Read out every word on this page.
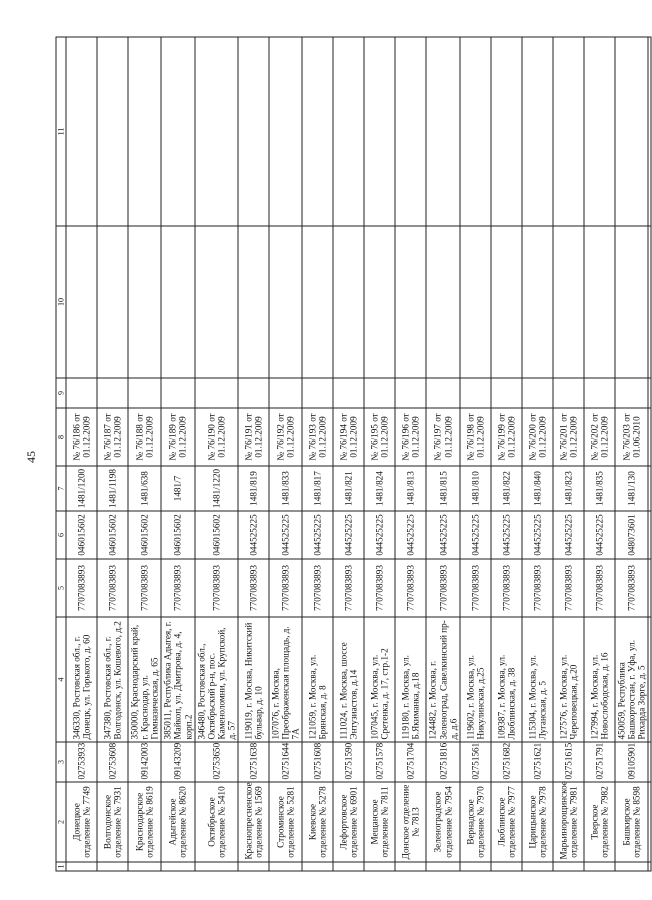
45
1	2	3	4	5	6	7	8	9	10	11
	Донецкое отделение № 7749	02753933	346330, Ростовская обл., г. Донецк, ул. Горького, д. 60	7707083893	046015602	1481/1200	№ 76/186 от 01.12.2009			
	Волгодонское отделение № 7931	02753608	347380, Ростовская обл., г. Волгодонск, ул. Кошевого, д.2	7707083893	046015602	1481/1198	№ 76/187 от 01.12.2009			
	Краснодарское отделение № 8619	09142003	350000, Краснодарский край, г. Краснодар, ул. Гимназическая, д. 65	7707083893	046015602	1481/638	№ 76/188 от 01.12.2009			
	Адыгейское отделение № 8620	09143209	385011, Республика Адыгея, г. Майкоп, ул. Дмитрова, д. 4, корп.2	7707083893	046015602	1481/7	№ 76/189 от 01.12.2009			
	Октябрьское отделение № 5410	02753650	346480, Ростовская обл., Октябрьский р-н, пос. Каменоломни, ул. Крупской, д. 57	7707083893	046015602	1481/1220	№ 76/190 от 01.12.2009			
	Краснопресненское отделение № 1569	02751638	119019, г. Москва, Никитский бульвар, д. 10	7707083893	044525225	1481/819	№ 76/191 от 01.12.2009			
	Строминское отделение № 5281	02751644	107076, г. Москва, Преображенская площадь, д. 7А	7707083893	044525225	1481/833	№ 76/192 от 01.12.2009			
	Киевское отделение № 5278	02751608	121059, г. Москва, ул. Брянская, д. 8	7707083893	044525225	1481/817	№ 76/193 от 01.12.2009			
	Лефортовское отделение № 6901	02751590	111024, г. Москва, шоссе Энтузиастов, д.14	7707083893	044525225	1481/821	№ 76/194 от 01.12.2009			
	Мещанское отделение № 7811	02751578	107045, г. Москва, ул. Сретенка, д. 17, стр.1-2	7707083893	044525225	1481/824	№ 76/195 от 01.12.2009			
	Донское отделение № 7813	02751704	119180, г. Москва, ул. Б.Якиманка, д.18	7707083893	044525225	1481/813	№ 76/196 от 01.12.2009			
	Зеленоградское отделение № 7954	02751816	124482, г. Москва, г. Зеленоград, Савелкинский пр-д, д.6	7707083893	044525225	1481/815	№ 76/197 от 01.12.2009			
	Вернадское отделение № 7970	02751561	119602, г. Москва, ул. Никулинская, д.25	7707083893	044525225	1481/810	№ 76/198 от 01.12.2009			
	Люблинское отделение № 7977	02751682	109387, г. Москва, ул. Люблинская, д. 38	7707083893	044525225	1481/822	№ 76/199 от 01.12.2009			
	Царицынское отделение № 7978	02751621	115304, г. Москва, ул. Луганская, д. 5	7707083893	044525225	1481/840	№ 76/200 от 01.12.2009			
	Марьинорощинское отделение № 7981	02751615	127576, г. Москва, ул. Череповецкая, д.20	7707083893	044525225	1481/823	№ 76/201 от 01.12.2009			
	Тверское отделение № 7982	02751791	127994, г. Москва, ул. Новослободская, д. 16	7707083893	044525225	1481/835	№ 76/202 от 01.12.2009			
	Башкирское отделение № 8598	09105901	450059, Республика Башкортостан, г. Уфа, ул. Рихарда Зорге, д. 5	7707083893	048073601	1481/130	№ 76/203 от 01.06.2010			
